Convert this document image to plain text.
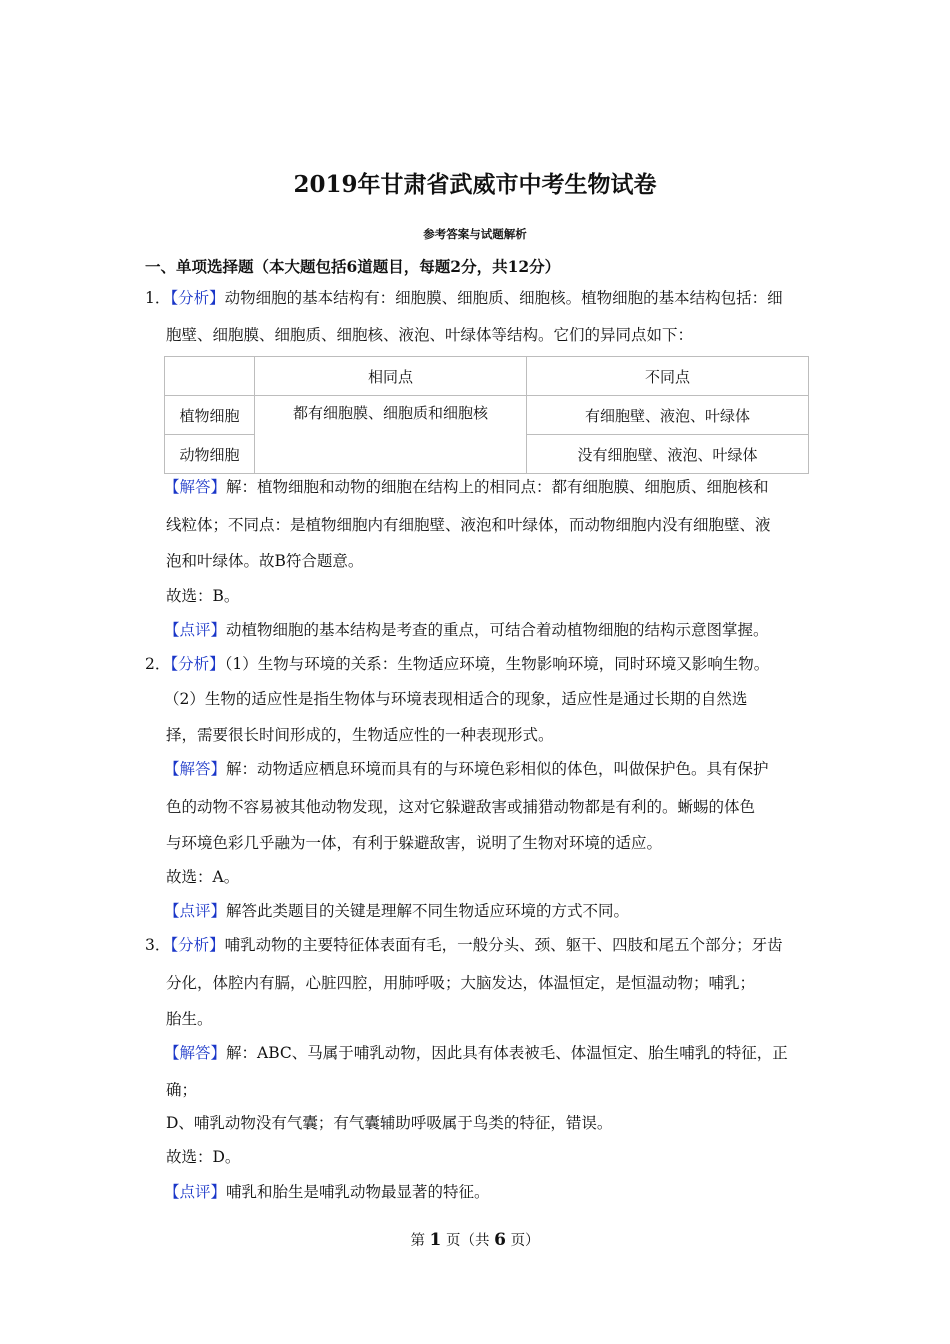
2019年甘肃省武威市中考生物试卷
参考答案与试题解析
一、单项选择题（本大题包括6道题目，每题2分，共12分）
1．【分析】动物细胞的基本结构有：细胞膜、细胞质、细胞核。植物细胞的基本结构包括：细
胞壁、细胞膜、细胞质、细胞核、液泡、叶绿体等结构。它们的异同点如下：
	相同点	不同点
植物细胞	都有细胞膜、细胞质和细胞核	有细胞壁、液泡、叶绿体
动物细胞		没有细胞壁、液泡、叶绿体
【解答】解：植物细胞和动物的细胞在结构上的相同点：都有细胞膜、细胞质、细胞核和
线粒体；不同点：是植物细胞内有细胞壁、液泡和叶绿体，而动物细胞内没有细胞壁、液
泡和叶绿体。故B符合题意。
故选：B。
【点评】动植物细胞的基本结构是考查的重点，可结合着动植物细胞的结构示意图掌握。
2．【分析】（1）生物与环境的关系：生物适应环境，生物影响环境，同时环境又影响生物。
（2）生物的适应性是指生物体与环境表现相适合的现象，适应性是通过长期的自然选
择，需要很长时间形成的，生物适应性的一种表现形式。
【解答】解：动物适应栖息环境而具有的与环境色彩相似的体色，叫做保护色。具有保护
色的动物不容易被其他动物发现，这对它躲避敌害或捕猎动物都是有利的。蜥蜴的体色
与环境色彩几乎融为一体，有利于躲避敌害，说明了生物对环境的适应。
故选：A。
【点评】解答此类题目的关键是理解不同生物适应环境的方式不同。
3．【分析】哺乳动物的主要特征体表面有毛，一般分头、颈、躯干、四肢和尾五个部分；牙齿
分化，体腔内有膈，心脏四腔，用肺呼吸；大脑发达，体温恒定，是恒温动物；哺乳；
胎生。
【解答】解：ABC、马属于哺乳动物，因此具有体表被毛、体温恒定、胎生哺乳的特征，正
确；
D、哺乳动物没有气囊；有气囊辅助呼吸属于鸟类的特征，错误。
故选：D。
【点评】哺乳和胎生是哺乳动物最显著的特征。
第 1 页（共 6 页）
